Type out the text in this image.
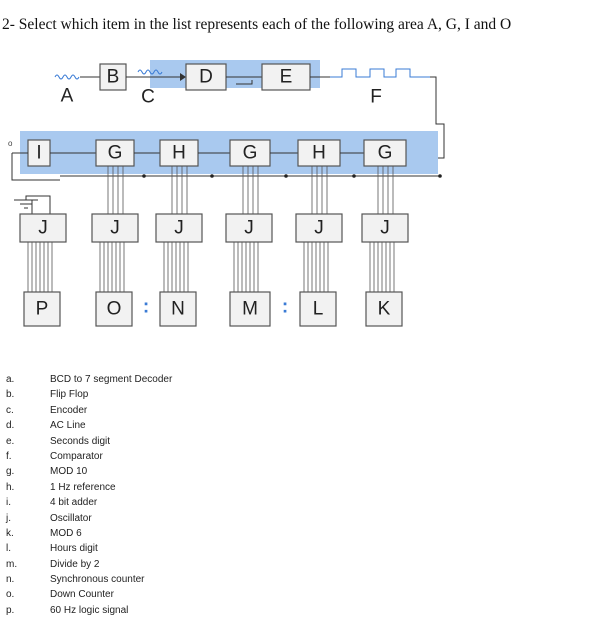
2- Select which item in the list represents each of the following area A, G, I and O
A
B
C
D	E
F
I
o	G	H	G	H	G
J	J	J	J	J	J
P	O : N	M : L	K
a.	BCD to 7 segment Decoder
b.	Flip Flop
c.	Encoder
d.	AC Line
e.	Seconds digit
f.	Comparator
g.	MOD 10
h.	1 Hz reference
i.	4 bit adder
j.	Oscillator
k.	MOD 6
l.	Hours digit
m.	Divide by 2
n.	Synchronous counter
o.	Down Counter
p.	60 Hz logic signal
